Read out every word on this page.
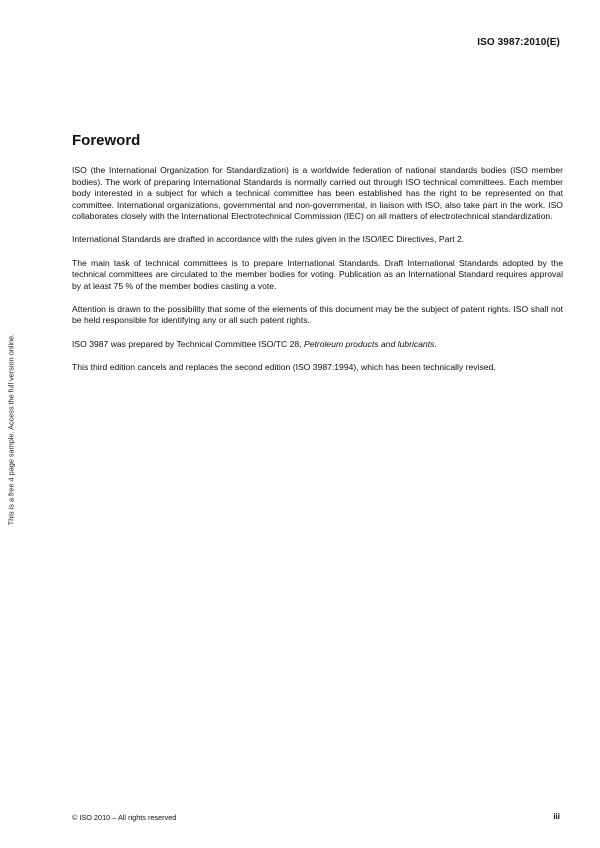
ISO 3987:2010(E)
This is a free 4 page sample. Access the full version online.
Foreword

ISO (the International Organization for Standardization) is a worldwide federation of national standards bodies (ISO member bodies). The work of preparing International Standards is normally carried out through ISO technical committees. Each member body interested in a subject for which a technical committee has been established has the right to be represented on that committee. International organizations, governmental and non-governmental, in liaison with ISO, also take part in the work. ISO collaborates closely with the International Electrotechnical Commission (IEC) on all matters of electrotechnical standardization.

International Standards are drafted in accordance with the rules given in the ISO/IEC Directives, Part 2.

The main task of technical committees is to prepare International Standards. Draft International Standards adopted by the technical committees are circulated to the member bodies for voting. Publication as an International Standard requires approval by at least 75 % of the member bodies casting a vote.

Attention is drawn to the possibility that some of the elements of this document may be the subject of patent rights. ISO shall not be held responsible for identifying any or all such patent rights.

ISO 3987 was prepared by Technical Committee ISO/TC 28, Petroleum products and lubricants.

This third edition cancels and replaces the second edition (ISO 3987:1994), which has been technically revised.

© ISO 2010 – All rights reserved	iii
